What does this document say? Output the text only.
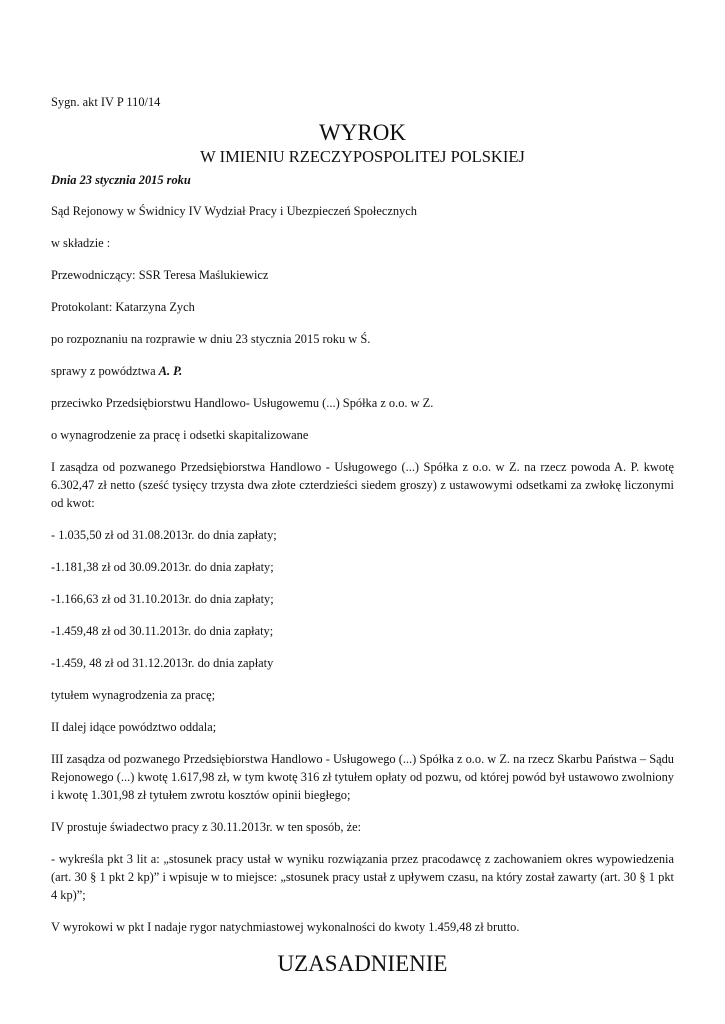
Sygn. akt IV P 110/14

WYROK

W IMIENIU RZECZYPOSPOLITEJ POLSKIEJ

Dnia 23 stycznia 2015 roku

Sąd Rejonowy w Świdnicy IV Wydział Pracy i Ubezpieczeń Społecznych

w składzie :

Przewodniczący: SSR Teresa Maślukiewicz

Protokolant: Katarzyna Zych

po rozpoznaniu na rozprawie w dniu 23 stycznia 2015 roku w Ś.

sprawy z powództwa A. P.

przeciwko Przedsiębiorstwu Handlowo- Usługowemu (...) Spółka z o.o. w Z.

o wynagrodzenie za pracę i odsetki skapitalizowane

I zasądza od pozwanego Przedsiębiorstwa Handlowo - Usługowego (...) Spółka z o.o. w Z. na rzecz powoda A. P. kwotę 6.302,47 zł netto (sześć tysięcy trzysta dwa złote czterdzieści siedem groszy) z ustawowymi odsetkami za zwłokę liczonymi od kwot:

- 1.035,50 zł od 31.08.2013r. do dnia zapłaty;

-1.181,38 zł od 30.09.2013r. do dnia zapłaty;

-1.166,63 zł od 31.10.2013r. do dnia zapłaty;

-1.459,48 zł od 30.11.2013r. do dnia zapłaty;

-1.459, 48 zł od 31.12.2013r. do dnia zapłaty

tytułem wynagrodzenia za pracę;

II dalej idące powództwo oddala;

III zasądza od pozwanego Przedsiębiorstwa Handlowo - Usługowego (...) Spółka z o.o. w Z. na rzecz Skarbu Państwa – Sądu Rejonowego (...) kwotę 1.617,98 zł, w tym kwotę 316 zł tytułem opłaty od pozwu, od której powód był ustawowo zwolniony i kwotę 1.301,98 zł tytułem zwrotu kosztów opinii biegłego;

IV prostuje świadectwo pracy z 30.11.2013r. w ten sposób, że:

- wykreśla pkt 3 lit a: „stosunek pracy ustał w wyniku rozwiązania przez pracodawcę z zachowaniem okres wypowiedzenia (art. 30 § 1 pkt 2 kp)” i wpisuje w to miejsce: „stosunek pracy ustał z upływem czasu, na który został zawarty (art. 30 § 1 pkt 4 kp)”;

V wyrokowi w pkt I nadaje rygor natychmiastowej wykonalności do kwoty 1.459,48 zł brutto.

UZASADNIENIE
